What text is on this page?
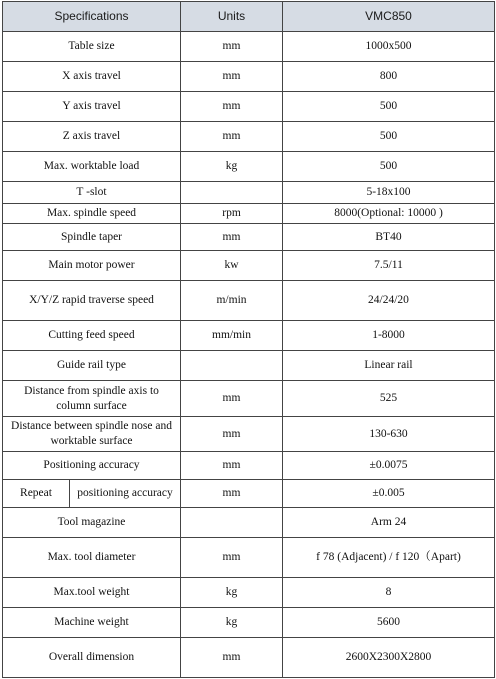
Specifications	Units	VMC850
Table size	mm	1000x500
X axis travel	mm	800
Y axis travel	mm	500
Z axis travel	mm	500
Max. worktable load	kg	500
T -slot		5-18x100
Max. spindle speed	rpm	8000(Optional: 10000 )
Spindle taper	mm	BT40
Main motor power	kw	7.5/11
X/Y/Z rapid traverse speed	m/min	24/24/20
Cutting feed speed	mm/min	1-8000
Guide rail type		Linear rail
Distance from spindle axis to column surface	mm	525
Distance between spindle nose and worktable surface	mm	130-630
Positioning accuracy	mm	±0.0075

Repeat positioning accuracy	mm	±0.005
Tool magazine		Arm 24
Max. tool diameter	mm	f 78 (Adjacent) / f 120（Apart)
Max.tool weight	kg	8
Machine weight	kg	5600
Overall dimension	mm	2600X2300X2800
